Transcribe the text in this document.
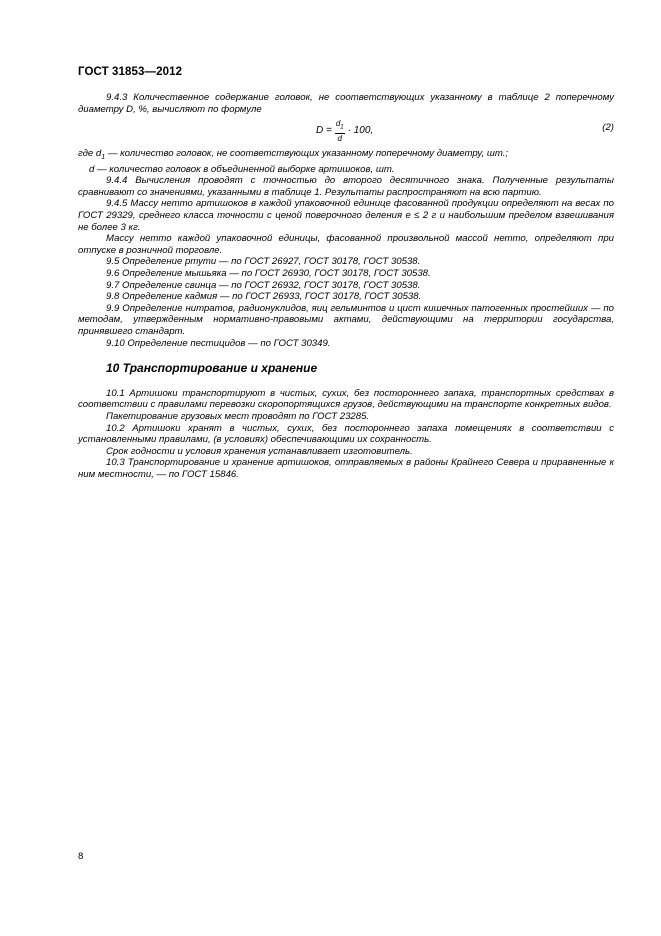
ГОСТ 31853—2012

9.4.3 Количественное содержание головок, не соответствующих указанному в таблице 2 поперечному диаметру D, %, вычисляют по формуле

$D = \frac{d_1}{d} \cdot 100$,	(2)

где $d_1$ — количество головок, не соответствующих указанному поперечному диаметру, шт.;

d — количество головок в объединенной выборке артишоков, шт.

9.4.4 Вычисления проводят с точностью до второго десятичного знака. Полученные результаты сравнивают со значениями, указанными в таблице 1. Результаты распространяют на всю партию.

9.4.5 Массу нетто артишоков в каждой упаковочной единице фасованной продукции определяют на весах по ГОСТ 29329, среднего класса точности с ценой поверочного деления e ≤ 2 г и наибольшим пределом взвешивания не более 3 кг.

Массу нетто каждой упаковочной единицы, фасованной произвольной массой нетто, определяют при отпуске в розничной торговле.

9.5 Определение ртути — по ГОСТ 26927, ГОСТ 30178, ГОСТ 30538.

9.6 Определение мышьяка — по ГОСТ 26930, ГОСТ 30178, ГОСТ 30538.

9.7 Определение свинца — по ГОСТ 26932, ГОСТ 30178, ГОСТ 30538.

9.8 Определение кадмия — по ГОСТ 26933, ГОСТ 30178, ГОСТ 30538.

9.9 Определение нитратов, радионуклидов, яиц гельминтов и цист кишечных патогенных простейших — по методам, утвержденным нормативно-правовыми актами, действующими на территории государства, принявшего стандарт.

9.10 Определение пестицидов — по ГОСТ 30349.

10 Транспортирование и хранение

10.1 Артишоки транспортируют в чистых, сухих, без постороннего запаха, транспортных средствах в соответствии с правилами перевозки скоропортящихся грузов, действующими на транспорте конкретных видов.

Пакетирование грузовых мест проводят по ГОСТ 23285.

10.2 Артишоки хранят в чистых, сухих, без постороннего запаха помещениях в соответствии с установленными правилами, (в условиях) обеспечивающими их сохранность.

Срок годности и условия хранения устанавливает изготовитель.

10.3 Транспортирование и хранение артишоков, отправляемых в районы Крайнего Севера и приравненные к ним местности, — по ГОСТ 15846.

8
